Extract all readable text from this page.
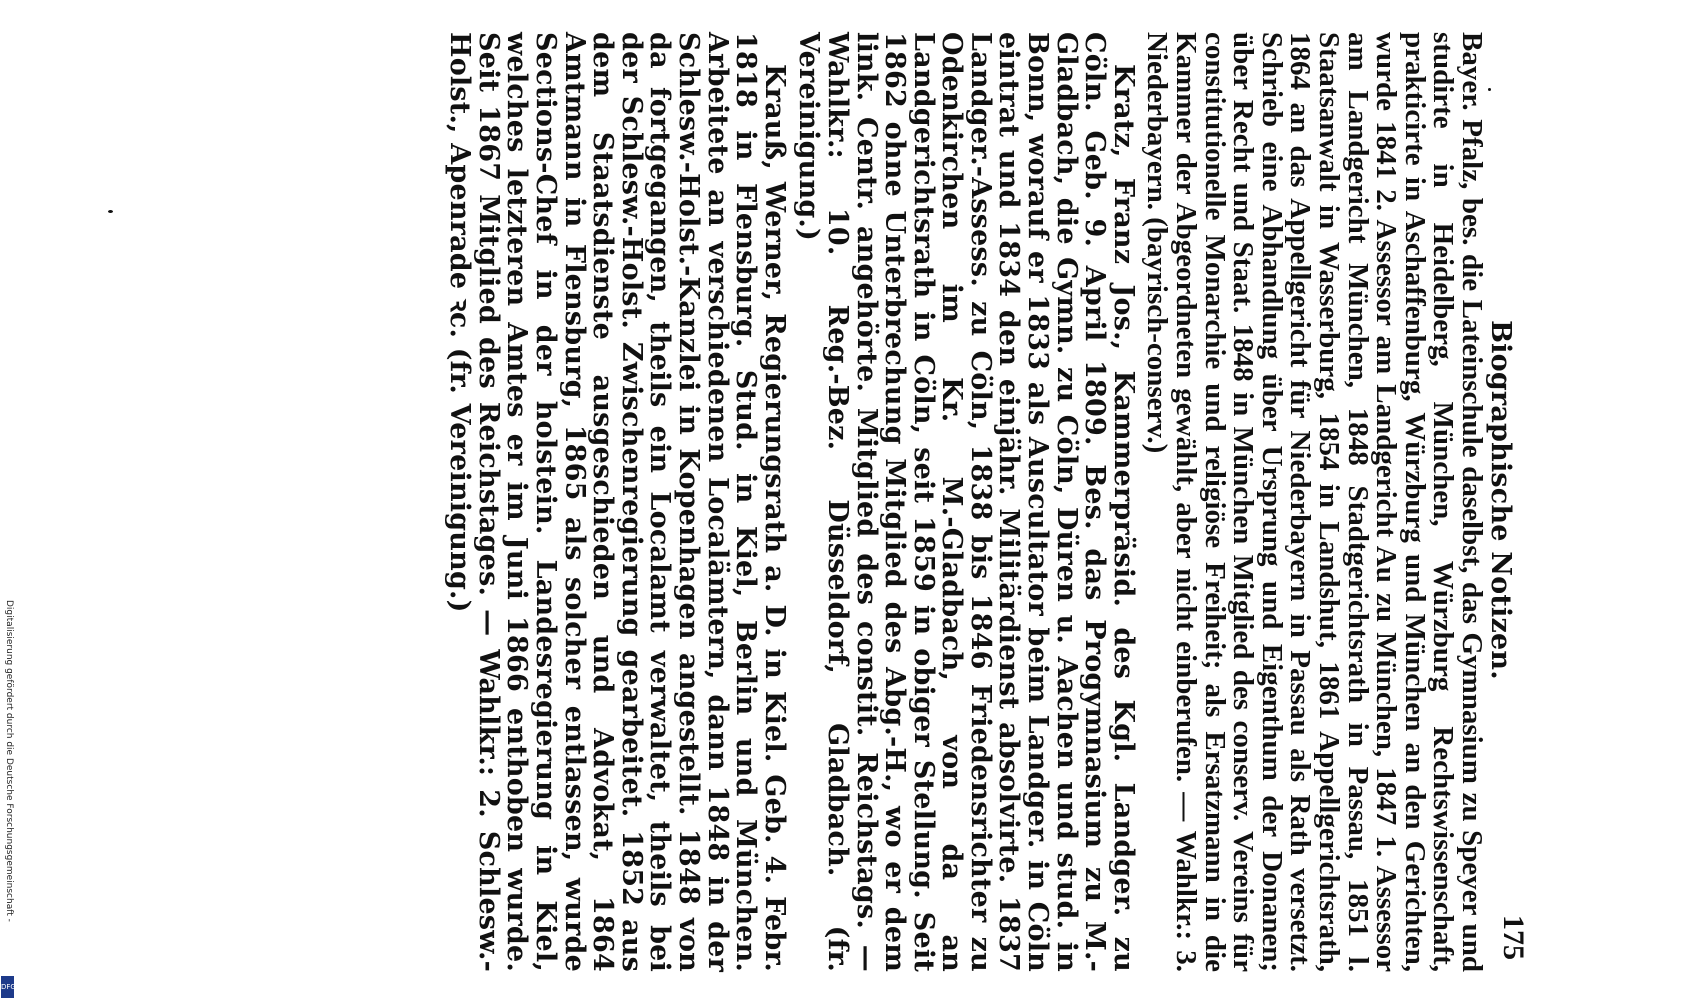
Biographische Notizen.
175

Bayer. Pfalz, bes. die Lateinschule daselbst, das Gymnasium zu Speyer und studirte in Heidelberg, München, Würzburg Rechtswissenschaft, prakticirte in Aschaffenburg, Würzburg und München an den Gerichten, wurde 1841 2. Assessor am Landgericht Au zu München, 1847 1. Assessor am Landgericht München, 1848 Stadtgerichtsrath in Passau, 1851 l. Staatsanwalt in Wasserburg, 1854 in Landshut, 1861 Appellgerichtsrath, 1864 an das Appellgericht für Niederbayern in Passau als Rath versetzt. Schrieb eine Abhandlung über Ursprung und Eigenthum der Donanen; über Recht und Staat. 1848 in München Mitglied des conserv. Vereins für constitutionelle Monarchie und religiöse Freiheit; als Ersatzmann in die Kammer der Abgeordneten gewählt, aber nicht einberufen. — Wahlkr.: 3. Niederbayern. (bayrisch-conserv.)

Kratz, Franz Jos., Kammerpräsid. des Kgl. Landger. zu Cöln. Geb. 9. April 1809. Bes. das Progymnasium zu M.-Gladbach, die Gymn. zu Cöln, Düren u. Aachen und stud. in Bonn, worauf er 1833 als Auscultator beim Landger. in Cöln eintrat und 1834 den einjähr. Militärdienst absolvirte. 1837 Landger.-Assess. zu Cöln, 1838 bis 1846 Friedensrichter zu Odenkirchen im Kr. M.-Gladbach, von da an Landgerichtsrath in Cöln, seit 1859 in obiger Stellung. Seit 1862 ohne Unterbrechung Mitglied des Abg.-H., wo er dem link. Centr. angehörte. Mitglied des constit. Reichstags. — Wahlkr.: 10. Reg.-Bez. Düsseldorf, Gladbach. (fr. Vereinigung.)

Krauß, Werner, Regierungsrath a. D. in Kiel. Geb. 4. Febr. 1818 in Flensburg. Stud. in Kiel, Berlin und München. Arbeitete an verschiedenen Localämtern, dann 1848 in der Schlesw.-Holst.-Kanzlei in Kopenhagen angestellt. 1848 von da fortgegangen, theils ein Localamt verwaltet, theils bei der Schlesw.-Holst. Zwischenregierung gearbeitet. 1852 aus dem Staatsdienste ausgeschieden und Advokat, 1864 Amtmann in Flensburg, 1865 als solcher entlassen, wurde Sections-Chef in der holstein. Landesregierung in Kiel, welches letzteren Amtes er im Juni 1866 enthoben wurde. Seit 1867 Mitglied des Reichstages. — Wahlkr.: 2. Schlesw.-Holst., Apenrade ꝛc. (fr. Vereinigung.)

Digitalisierung gefördert durch die Deutsche Forschungsgemeinschaft -
DFG
